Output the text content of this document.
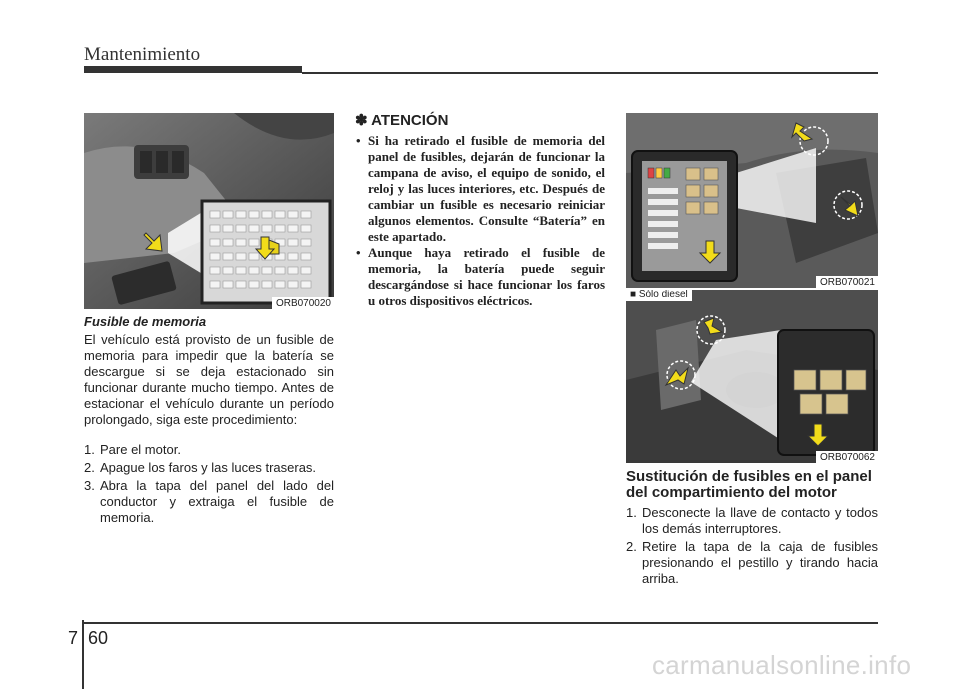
Mantenimiento
ORB070020
Fusible de memoria

El vehículo está provisto de un fusible de memoria para impedir que la batería se descargue si se deja estacionado sin funcionar durante mucho tiempo. Antes de estacionar el vehículo durante un período prolongado, siga este procedimiento:

1. Pare el motor.
2. Apague los faros y las luces traseras.
3. Abra la tapa del panel del lado del conductor y extraiga el fusible de memoria.
✽ ATENCIÓN
• Si ha retirado el fusible de memoria del panel de fusibles, dejarán de funcionar la campana de aviso, el equipo de sonido, el reloj y las luces interiores, etc. Después de cambiar un fusible es necesario reiniciar algunos elementos. Consulte “Batería” en este apartado.
• Aunque haya retirado el fusible de memoria, la batería puede seguir descargándose si hace funcionar los faros u otros dispositivos eléctricos.
ORB070021
■ Sólo diesel
ORB070062
Sustitución de fusibles en el panel del compartimiento del motor
1. Desconecte la llave de contacto y todos los demás interruptores.
2. Retire la tapa de la caja de fusibles presionando el pestillo y tirando hacia arriba.
7 60
carmanualsonline.info
